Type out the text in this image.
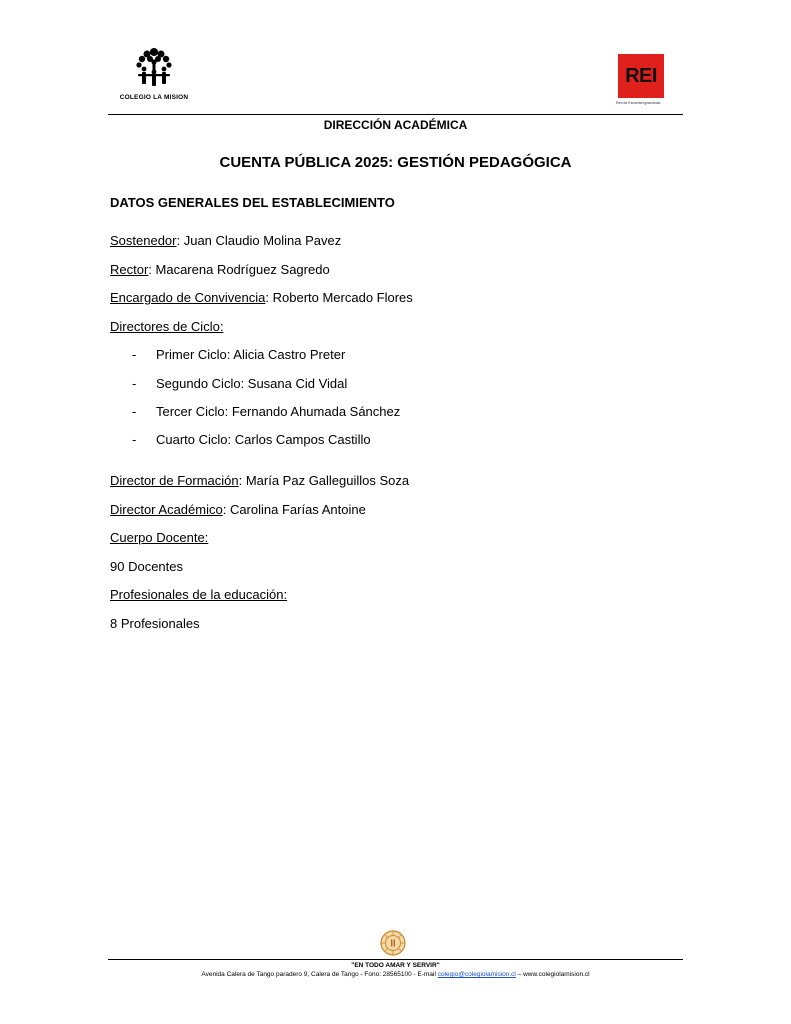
COLEGIO LA MISION
REI
Red de Escuelas Ignacianas
DIRECCIÓN ACADÉMICA
CUENTA PÚBLICA 2025: GESTIÓN PEDAGÓGICA
DATOS GENERALES DEL ESTABLECIMIENTO
Sostenedor: Juan Claudio Molina Pavez
Rector: Macarena Rodríguez Sagredo
Encargado de Convivencia: Roberto Mercado Flores
Directores de Ciclo:
- Primer Ciclo: Alicia Castro Preter
- Segundo Ciclo: Susana Cid Vidal
- Tercer Ciclo: Fernando Ahumada Sánchez
- Cuarto Ciclo: Carlos Campos Castillo
Director de Formación: María Paz Galleguillos Soza
Director Académico: Carolina Farías Antoine
Cuerpo Docente:
90 Docentes
Profesionales de la educación:
8 Profesionales
"EN TODO AMAR Y SERVIR"
Avenida Calera de Tango paradero 9, Calera de Tango - Fono: 28565100 - E-mail colegio@colegiolamision.cl – www.colegiolamision.cl
